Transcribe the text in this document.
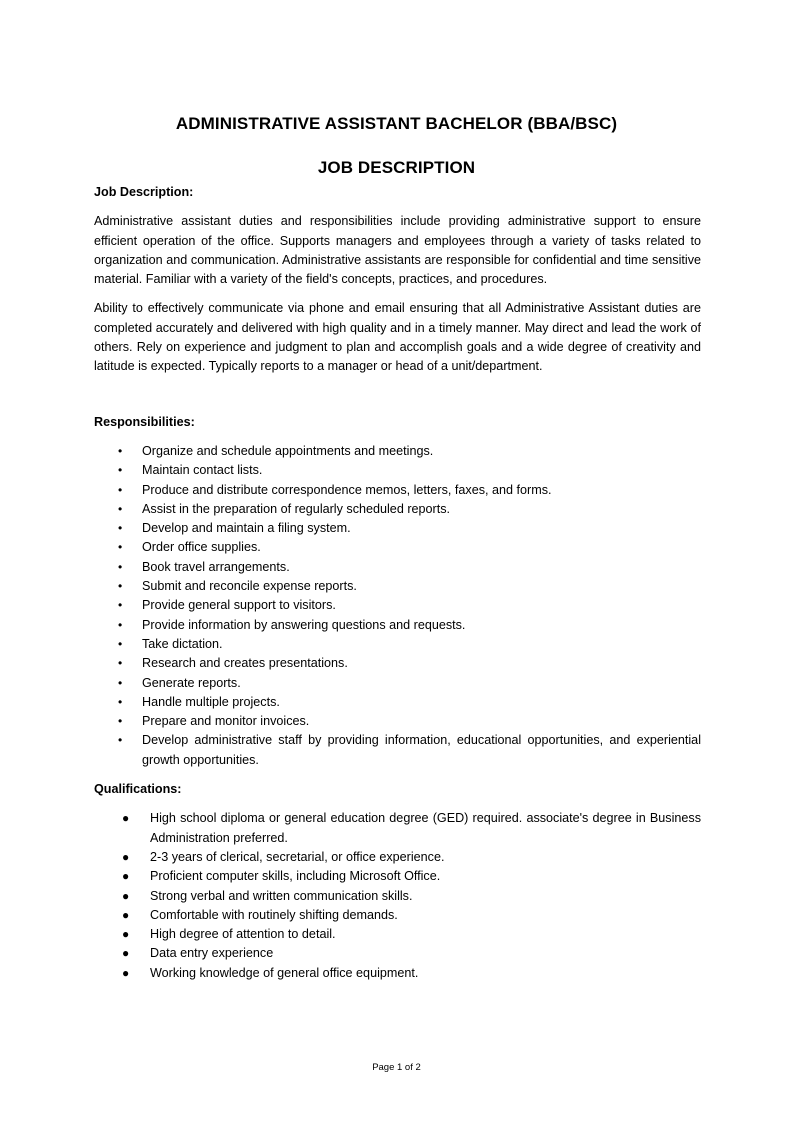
ADMINISTRATIVE ASSISTANT BACHELOR (BBA/BSC)
JOB DESCRIPTION

Job Description:

Administrative assistant duties and responsibilities include providing administrative support to ensure efficient operation of the office. Supports managers and employees through a variety of tasks related to organization and communication. Administrative assistants are responsible for confidential and time sensitive material. Familiar with a variety of the field's concepts, practices, and procedures.

Ability to effectively communicate via phone and email ensuring that all Administrative Assistant duties are completed accurately and delivered with high quality and in a timely manner. May direct and lead the work of others. Rely on experience and judgment to plan and accomplish goals and a wide degree of creativity and latitude is expected. Typically reports to a manager or head of a unit/department.

Responsibilities:

• Organize and schedule appointments and meetings.
• Maintain contact lists.
• Produce and distribute correspondence memos, letters, faxes, and forms.
• Assist in the preparation of regularly scheduled reports.
• Develop and maintain a filing system.
• Order office supplies.
• Book travel arrangements.
• Submit and reconcile expense reports.
• Provide general support to visitors.
• Provide information by answering questions and requests.
• Take dictation.
• Research and creates presentations.
• Generate reports.
• Handle multiple projects.
• Prepare and monitor invoices.
• Develop administrative staff by providing information, educational opportunities, and experiential growth opportunities.

Qualifications:

● High school diploma or general education degree (GED) required. associate's degree in Business Administration preferred.
● 2-3 years of clerical, secretarial, or office experience.
● Proficient computer skills, including Microsoft Office.
● Strong verbal and written communication skills.
● Comfortable with routinely shifting demands.
● High degree of attention to detail.
● Data entry experience
● Working knowledge of general office equipment.
Page 1 of 2
